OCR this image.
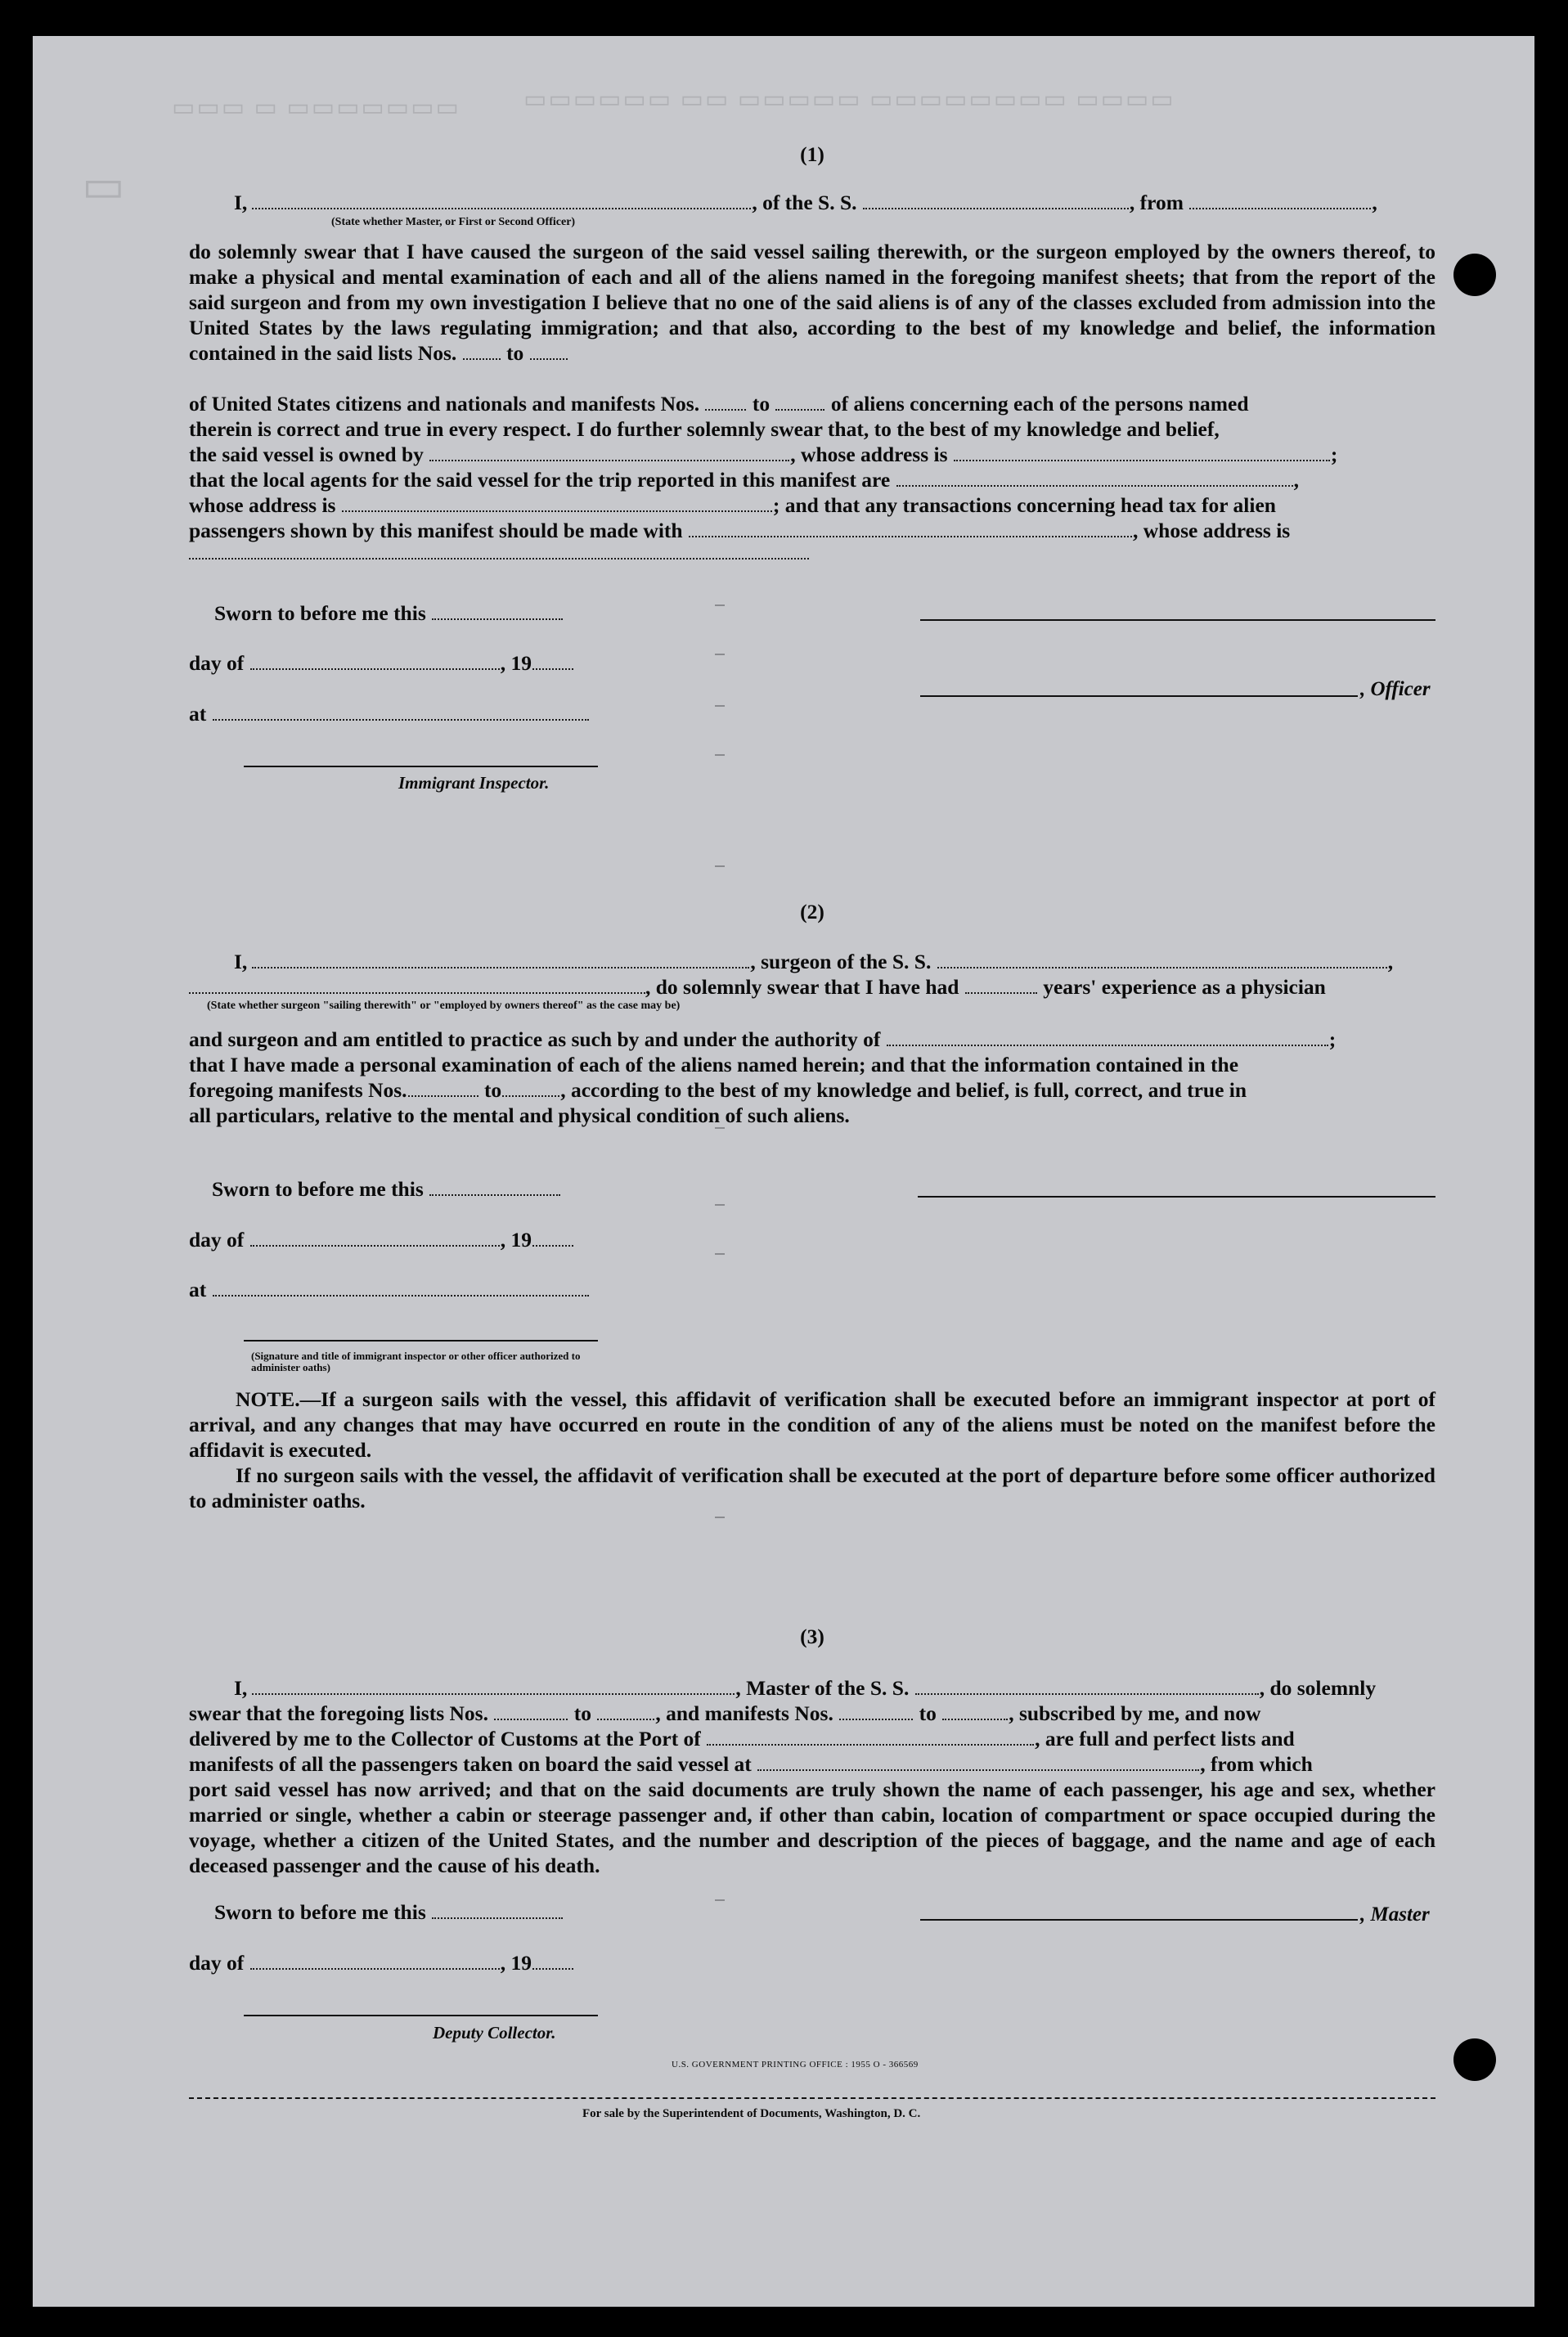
▭▭▭ ▭ ▭▭▭▭▭▭▭	▭▭▭▭▭▭ ▭▭ ▭▭▭▭▭ ▭▭▭▭▭▭▭▭ ▭▭▭▭
▭
(1)
I,	, of the S. S.	, from	,
(State whether Master, or First or Second Officer)
do solemnly swear that I have caused the surgeon of the said vessel sailing therewith, or the surgeon employed by the owners thereof, to make a physical and mental examination of each and all of the aliens named in the foregoing manifest sheets; that from the report of the said surgeon and from my own investigation I believe that no one of the said aliens is of any of the classes excluded from admission into the United States by the laws regulating immigration; and that also, according to the best of my knowledge and belief, the information contained in the said lists Nos. to
of United States citizens and nationals and manifests Nos.	to	of aliens concerning each of the persons named
therein is correct and true in every respect. I do further solemnly swear that, to the best of my knowledge and belief,
the said vessel is owned by	, whose address is	;
that the local agents for the said vessel for the trip reported in this manifest are	,
whose address is	; and that any transactions concerning head tax for alien
passengers shown by this manifest should be made with	, whose address is
Sworn to before me this
day of	, 19
at
Immigrant Inspector.
, Officer
(2)
I,	, surgeon of the S. S.	,
, do solemnly swear that I have had	years' experience as a physician
(State whether surgeon "sailing therewith" or "employed by owners thereof" as the case may be)
and surgeon and am entitled to practice as such by and under the authority of	;
that I have made a personal examination of each of the aliens named herein; and that the information contained in the
foregoing manifests Nos.	to	, according to the best of my knowledge and belief, is full, correct, and true in
all particulars, relative to the mental and physical condition of such aliens.
Sworn to before me this
day of	, 19
at
(Signature and title of immigrant inspector or other officer authorized to administer oaths)
NOTE.—If a surgeon sails with the vessel, this affidavit of verification shall be executed before an immigrant inspector at port of arrival, and any changes that may have occurred en route in the condition of any of the aliens must be noted on the manifest before the affidavit is executed.
If no surgeon sails with the vessel, the affidavit of verification shall be executed at the port of departure before some officer authorized to administer oaths.
(3)
I,	, Master of the S. S.	, do solemnly
swear that the foregoing lists Nos.	to	, and manifests Nos.	to	, subscribed by me, and now
delivered by me to the Collector of Customs at the Port of	, are full and perfect lists and
manifests of all the passengers taken on board the said vessel at	, from which
port said vessel has now arrived; and that on the said documents are truly shown the name of each passenger, his age and sex, whether married or single, whether a cabin or steerage passenger and, if other than cabin, location of compartment or space occupied during the voyage, whether a citizen of the United States, and the number and description of the pieces of baggage, and the name and age of each deceased passenger and the cause of his death.
Sworn to before me this	, Master
day of	, 19
Deputy Collector.
U.S. GOVERNMENT PRINTING OFFICE : 1955 O - 366569
For sale by the Superintendent of Documents, Washington, D. C.
